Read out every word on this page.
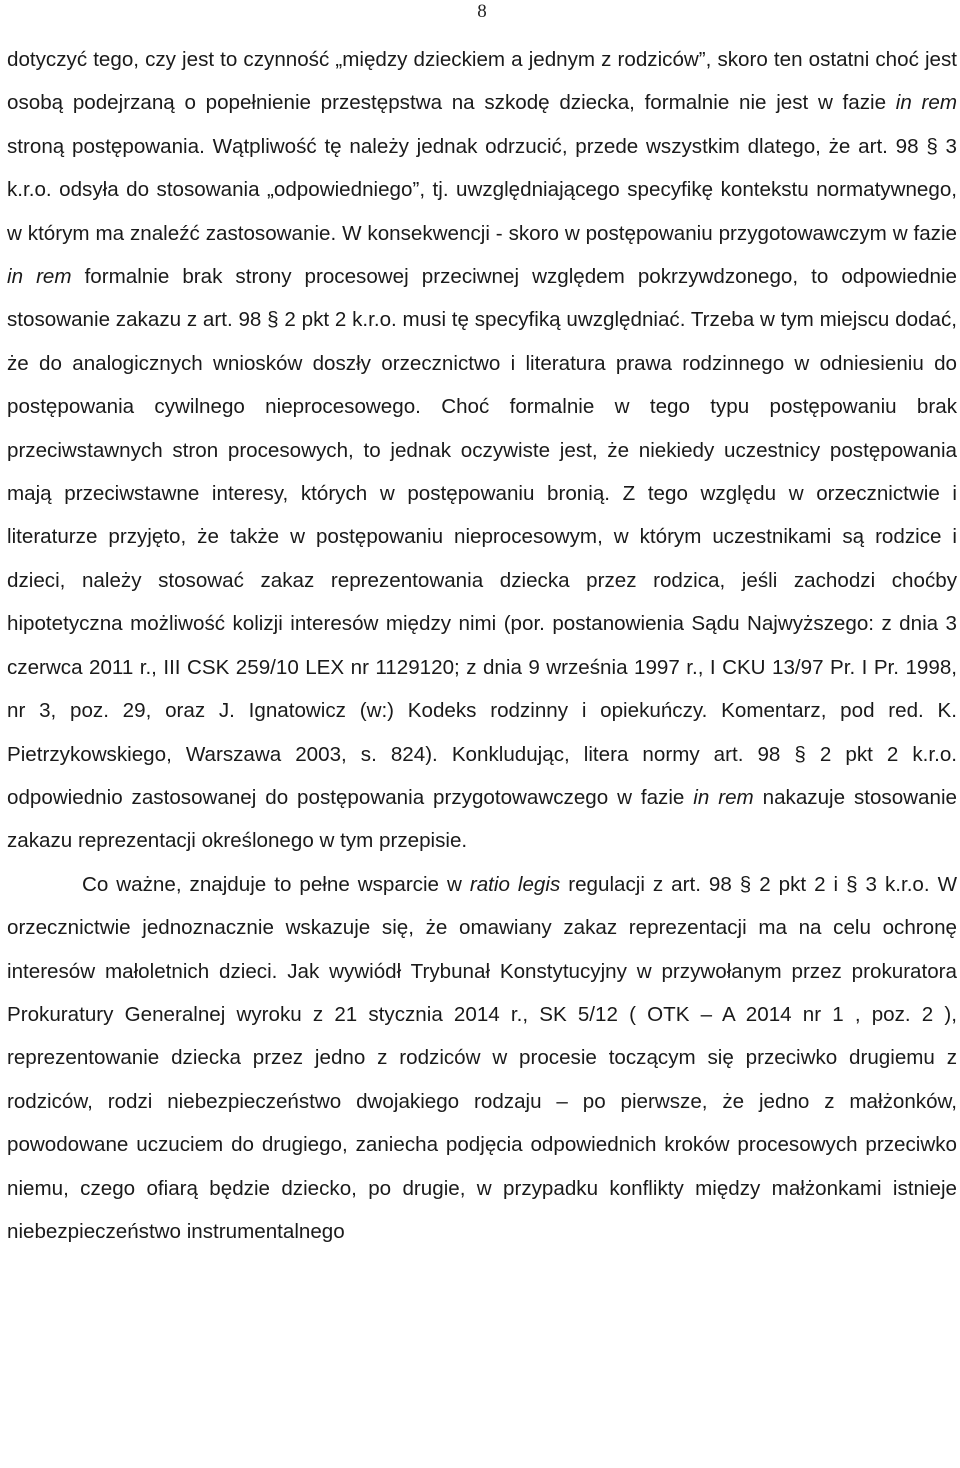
8

dotyczyć tego, czy jest to czynność „między dzieckiem a jednym z rodziców”, skoro ten ostatni choć jest osobą podejrzaną o popełnienie przestępstwa na szkodę dziecka, formalnie nie jest w fazie in rem stroną postępowania. Wątpliwość tę należy jednak odrzucić, przede wszystkim dlatego, że art. 98 § 3 k.r.o. odsyła do stosowania „odpowiedniego”, tj. uwzględniającego specyfikę kontekstu normatywnego, w którym ma znaleźć zastosowanie. W konsekwencji - skoro w postępowaniu przygotowawczym w fazie in rem formalnie brak strony procesowej przeciwnej względem pokrzywdzonego, to odpowiednie stosowanie zakazu z art. 98 § 2 pkt 2 k.r.o. musi tę specyfiką uwzględniać. Trzeba w tym miejscu dodać, że do analogicznych wniosków doszły orzecznictwo i literatura prawa rodzinnego w odniesieniu do postępowania cywilnego nieprocesowego. Choć formalnie w tego typu postępowaniu brak przeciwstawnych stron procesowych, to jednak oczywiste jest, że niekiedy uczestnicy postępowania mają przeciwstawne interesy, których w postępowaniu bronią. Z tego względu w orzecznictwie i literaturze przyjęto, że także w postępowaniu nieprocesowym, w którym uczestnikami są rodzice i dzieci, należy stosować zakaz reprezentowania dziecka przez rodzica, jeśli zachodzi choćby hipotetyczna możliwość kolizji interesów między nimi (por. postanowienia Sądu Najwyższego: z dnia 3 czerwca 2011 r., III CSK 259/10 LEX nr 1129120; z dnia 9 września 1997 r., I CKU 13/97 Pr. I Pr. 1998, nr 3, poz. 29, oraz J. Ignatowicz (w:) Kodeks rodzinny i opiekuńczy. Komentarz, pod red. K. Pietrzykowskiego, Warszawa 2003, s. 824). Konkludując, litera normy art. 98 § 2 pkt 2 k.r.o. odpowiednio zastosowanej do postępowania przygotowawczego w fazie in rem nakazuje stosowanie zakazu reprezentacji określonego w tym przepisie.

Co ważne, znajduje to pełne wsparcie w ratio legis regulacji z art. 98 § 2 pkt 2 i § 3 k.r.o. W orzecznictwie jednoznacznie wskazuje się, że omawiany zakaz reprezentacji ma na celu ochronę interesów małoletnich dzieci. Jak wywiódł Trybunał Konstytucyjny w przywołanym przez prokuratora Prokuratury Generalnej wyroku z 21 stycznia 2014 r., SK 5/12 ( OTK – A 2014 nr 1 , poz. 2 ), reprezentowanie dziecka przez jedno z rodziców w procesie toczącym się przeciwko drugiemu z rodziców, rodzi niebezpieczeństwo dwojakiego rodzaju – po pierwsze, że jedno z małżonków, powodowane uczuciem do drugiego, zaniecha podjęcia odpowiednich kroków procesowych przeciwko niemu, czego ofiarą będzie dziecko, po drugie, w przypadku konflikty między małżonkami istnieje niebezpieczeństwo instrumentalnego
